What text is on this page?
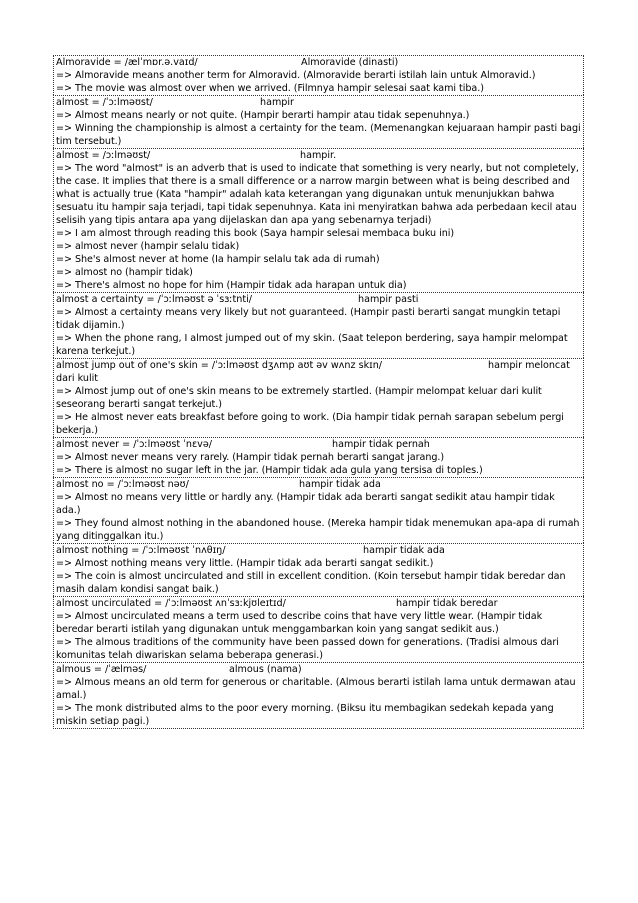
Almoravide = /ælˈmɒr.ə.vaɪd/	Almoravide (dinasti)
=> Almoravide means another term for Almoravid. (Almoravide berarti istilah lain untuk Almoravid.)
=> The movie was almost over when we arrived. (Filmnya hampir selesai saat kami tiba.)
almost = /ˈɔːlməʊst/	hampir
=> Almost means nearly or not quite. (Hampir berarti hampir atau tidak sepenuhnya.)
=> Winning the championship is almost a certainty for the team. (Memenangkan kejuaraan hampir pasti bagi tim tersebut.)
almost = /ɔːlməʊst/	hampir.
=> The word "almost" is an adverb that is used to indicate that something is very nearly, but not completely, the case. It implies that there is a small difference or a narrow margin between what is being described and what is actually true (Kata "hampir" adalah kata keterangan yang digunakan untuk menunjukkan bahwa sesuatu itu hampir saja terjadi, tapi tidak sepenuhnya. Kata ini menyiratkan bahwa ada perbedaan kecil atau selisih yang tipis antara apa yang dijelaskan dan apa yang sebenarnya terjadi)
=> I am almost through reading this book (Saya hampir selesai membaca buku ini)
=> almost never (hampir selalu tidak)
=> She's almost never at home (Ia hampir selalu tak ada di rumah)
=> almost no (hampir tidak)
=> There's almost no hope for him (Hampir tidak ada harapan untuk dia)
almost a certainty = /ˈɔːlməʊst ə ˈsɜːtnti/	hampir pasti
=> Almost a certainty means very likely but not guaranteed. (Hampir pasti berarti sangat mungkin tetapi tidak dijamin.)
=> When the phone rang, I almost jumped out of my skin. (Saat telepon berdering, saya hampir melompat karena terkejut.)
almost jump out of one's skin = /ˈɔːlməʊst dʒʌmp aʊt əv wʌnz skɪn/	hampir meloncat dari kulit
=> Almost jump out of one's skin means to be extremely startled. (Hampir melompat keluar dari kulit seseorang berarti sangat terkejut.)
=> He almost never eats breakfast before going to work. (Dia hampir tidak pernah sarapan sebelum pergi bekerja.)
almost never = /ˈɔːlməʊst ˈnɛvə/	hampir tidak pernah
=> Almost never means very rarely. (Hampir tidak pernah berarti sangat jarang.)
=> There is almost no sugar left in the jar. (Hampir tidak ada gula yang tersisa di toples.)
almost no = /ˈɔːlməʊst nəʊ/	hampir tidak ada
=> Almost no means very little or hardly any. (Hampir tidak ada berarti sangat sedikit atau hampir tidak ada.)
=> They found almost nothing in the abandoned house. (Mereka hampir tidak menemukan apa-apa di rumah yang ditinggalkan itu.)
almost nothing = /ˈɔːlməʊst ˈnʌθɪŋ/	hampir tidak ada
=> Almost nothing means very little. (Hampir tidak ada berarti sangat sedikit.)
=> The coin is almost uncirculated and still in excellent condition. (Koin tersebut hampir tidak beredar dan masih dalam kondisi sangat baik.)
almost uncirculated = /ˈɔːlməʊst ʌnˈsɜːkjʊleɪtɪd/	hampir tidak beredar
=> Almost uncirculated means a term used to describe coins that have very little wear. (Hampir tidak beredar berarti istilah yang digunakan untuk menggambarkan koin yang sangat sedikit aus.)
=> The almous traditions of the community have been passed down for generations. (Tradisi almous dari komunitas telah diwariskan selama beberapa generasi.)
almous = /ˈælməs/	almous (nama)
=> Almous means an old term for generous or charitable. (Almous berarti istilah lama untuk dermawan atau amal.)
=> The monk distributed alms to the poor every morning. (Biksu itu membagikan sedekah kepada yang miskin setiap pagi.)
